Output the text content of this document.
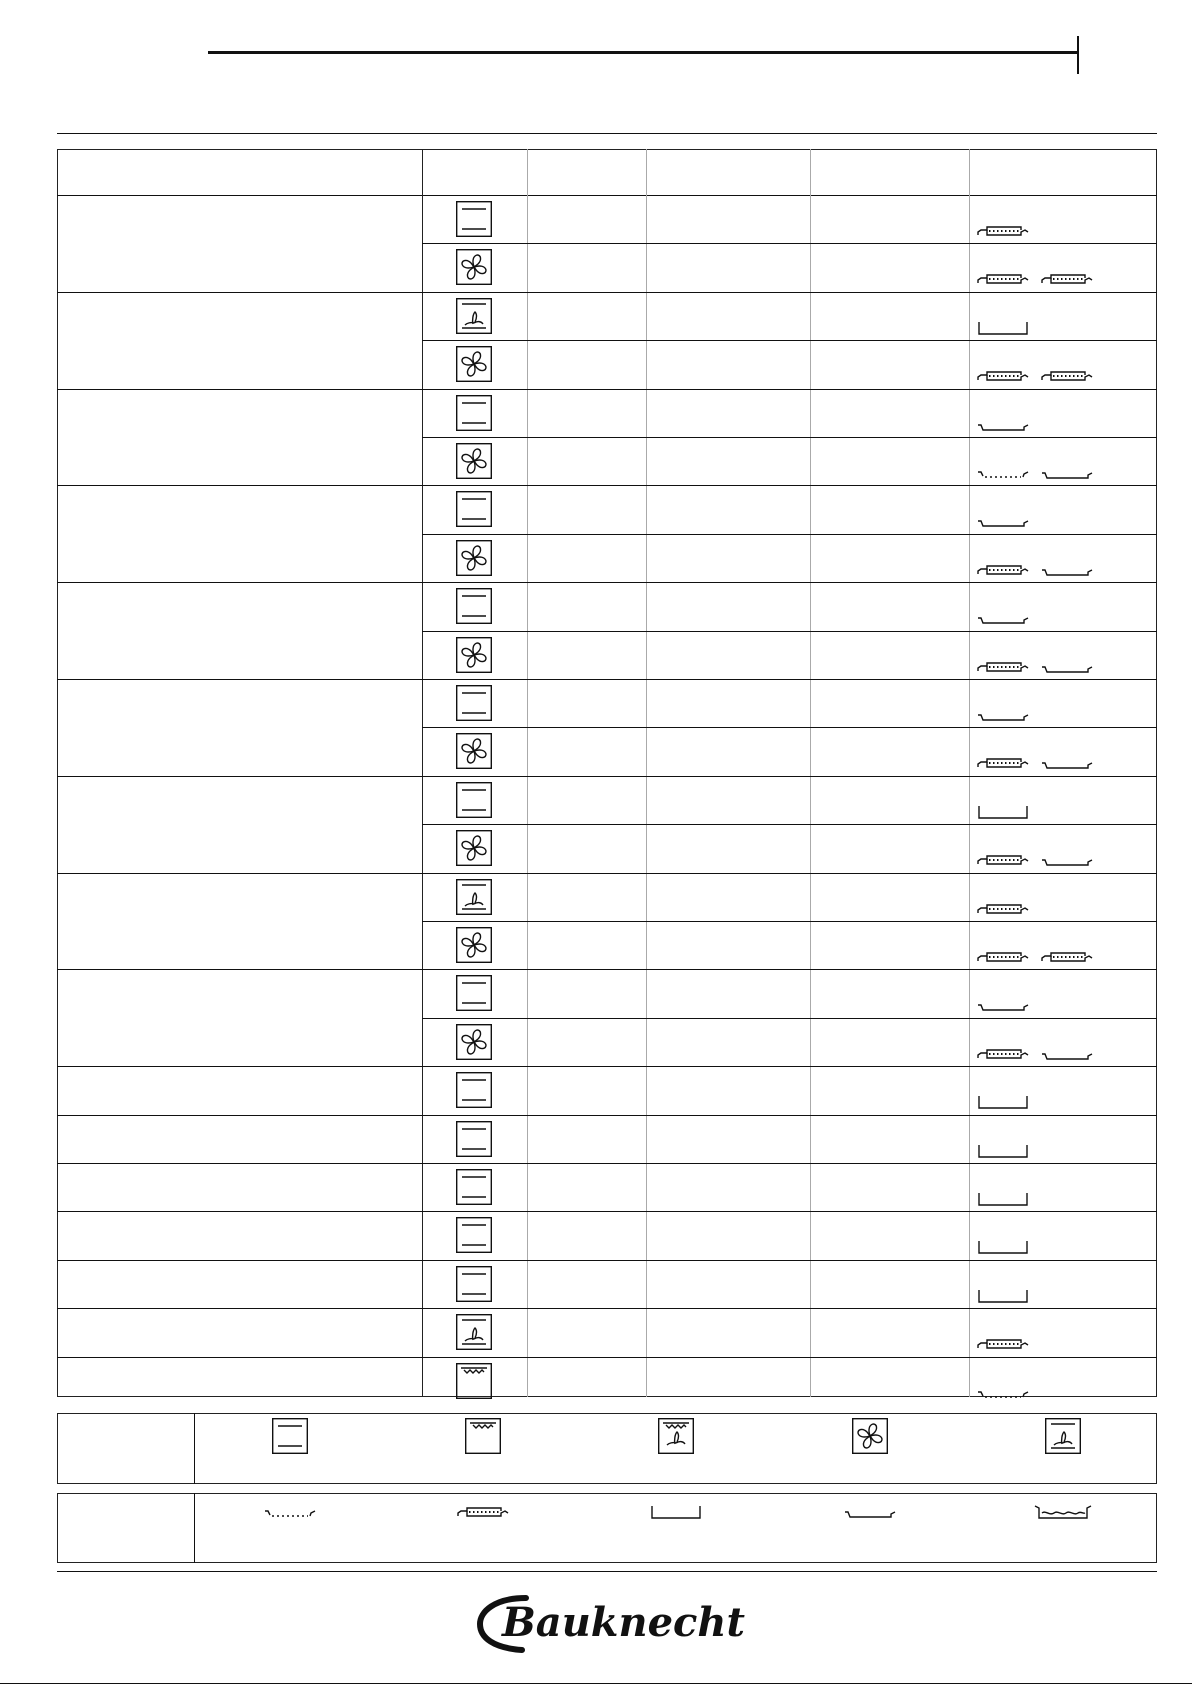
Bauknecht
